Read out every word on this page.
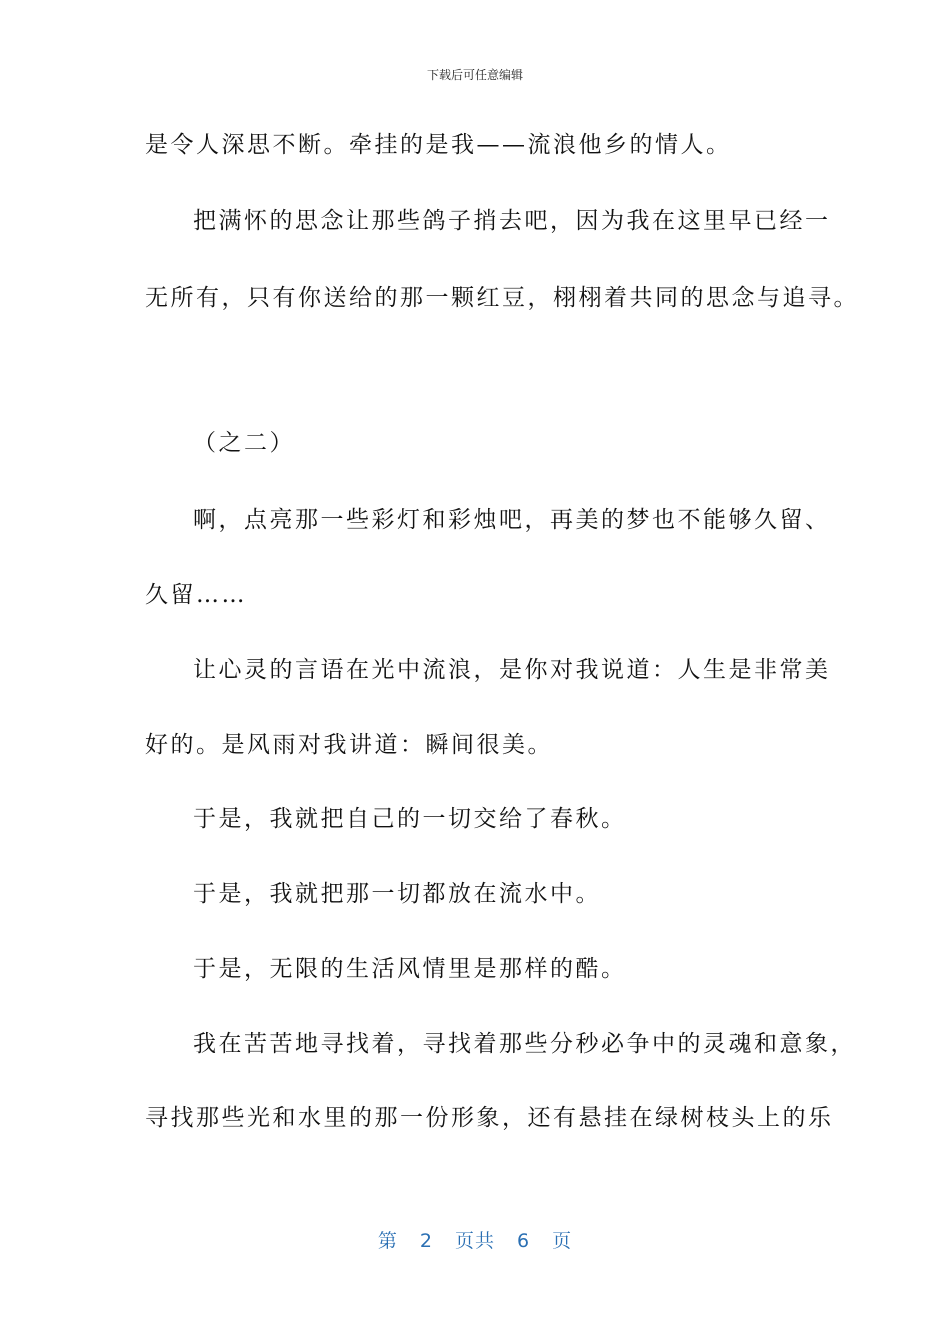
下载后可任意编辑
是令人深思不断。牵挂的是我——流浪他乡的情人。
把满怀的思念让那些鸽子捎去吧，因为我在这里早已经一
无所有，只有你送给的那一颗红豆，栩栩着共同的思念与追寻。
（之二）
啊，点亮那一些彩灯和彩烛吧，再美的梦也不能够久留、
久留……
让心灵的言语在光中流浪，是你对我说道：人生是非常美
好的。是风雨对我讲道：瞬间很美。
于是，我就把自己的一切交给了春秋。
于是，我就把那一切都放在流水中。
于是，无限的生活风情里是那样的酷。
我在苦苦地寻找着，寻找着那些分秒必争中的灵魂和意象，
寻找那些光和水里的那一份形象，还有悬挂在绿树枝头上的乐
第 2 页共 6 页
